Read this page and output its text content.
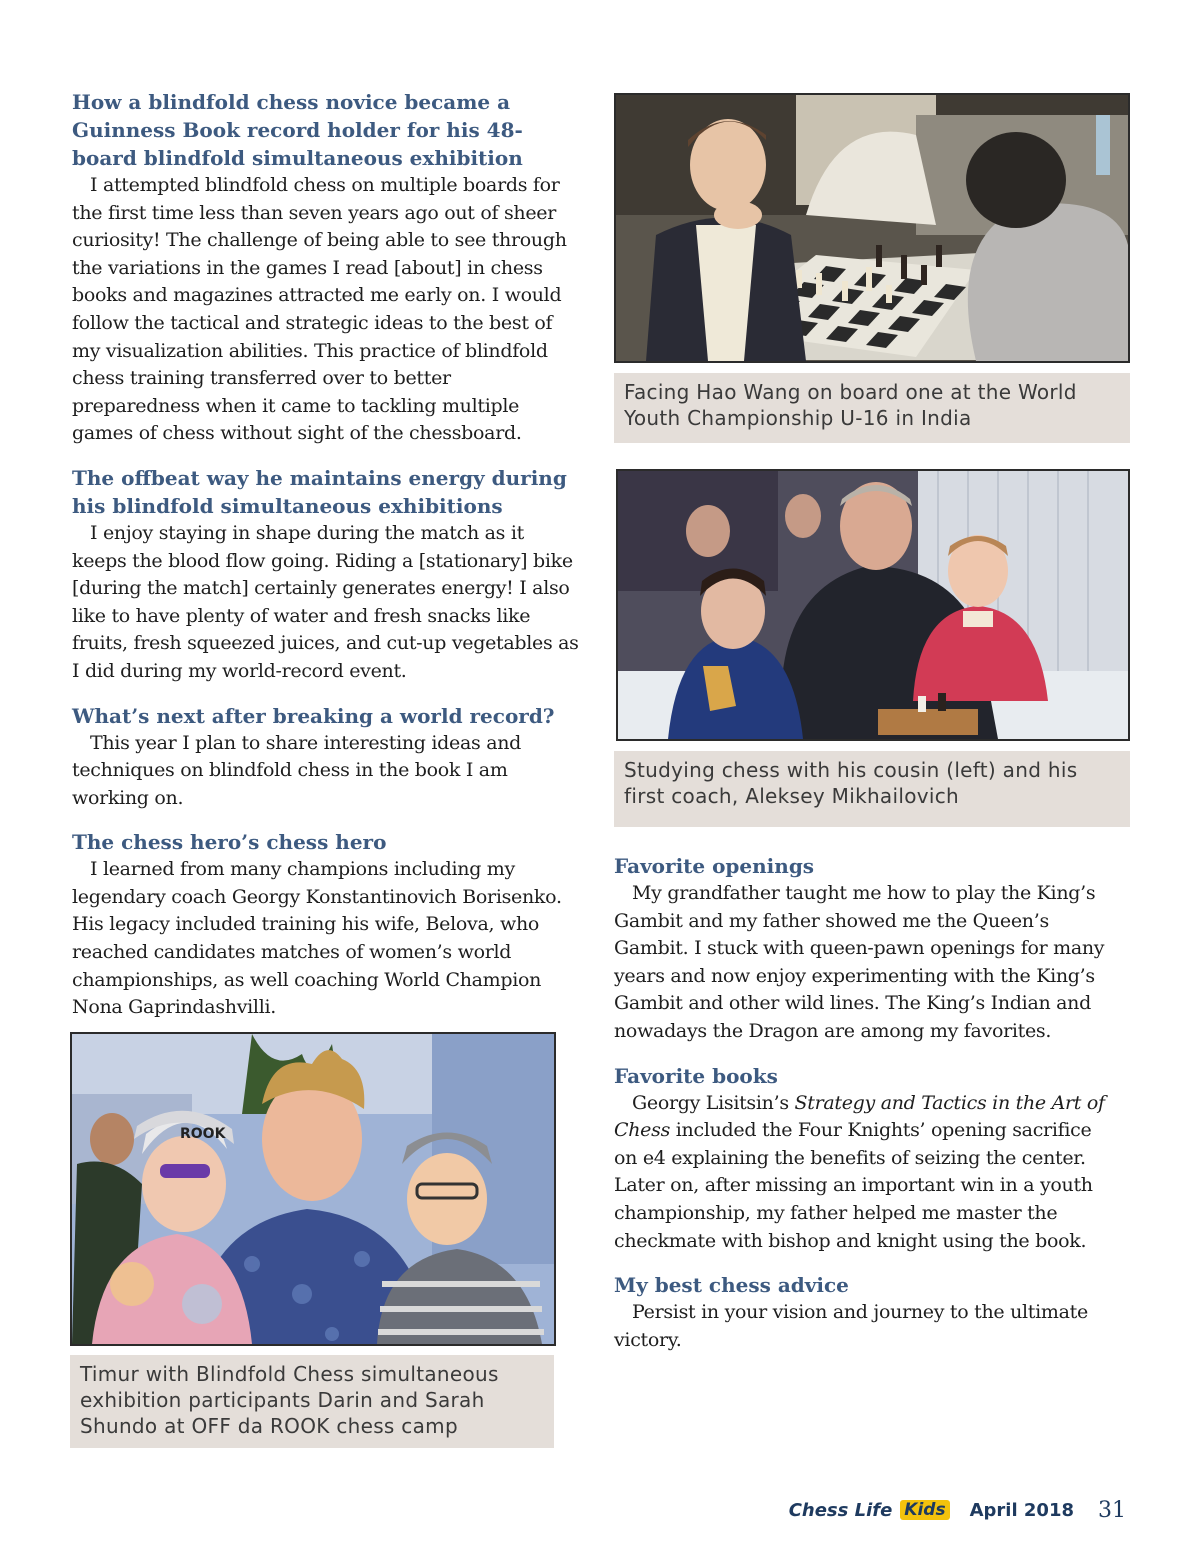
How a blindfold chess novice became a Guinness Book record holder for his 48-board blindfold simultaneous exhibition

I attempted blindfold chess on multiple boards for the first time less than seven years ago out of sheer curiosity! The challenge of being able to see through the variations in the games I read [about] in chess books and magazines attracted me early on. I would follow the tactical and strategic ideas to the best of my visualization abilities. This practice of blindfold chess training transferred over to better preparedness when it came to tackling multiple games of chess without sight of the chessboard.

The offbeat way he maintains energy during his blindfold simultaneous exhibitions

I enjoy staying in shape during the match as it keeps the blood flow going. Riding a [stationary] bike [during the match] certainly generates energy! I also like to have plenty of water and fresh snacks like fruits, fresh squeezed juices, and cut-up vegetables as I did during my world-record event.

What’s next after breaking a world record?

This year I plan to share interesting ideas and techniques on blindfold chess in the book I am working on.

The chess hero’s chess hero

I learned from many champions including my legendary coach Georgy Konstantinovich Borisenko. His legacy included training his wife, Belova, who reached candidates matches of women’s world championships, as well coaching World Champion Nona Gaprindashvilli.

Facing Hao Wang on board one at the World Youth Championship U-16 in India
Studying chess with his cousin (left) and his first coach, Aleksey Mikhailovich
ROOK
Timur with Blindfold Chess simultaneous exhibition participants Darin and Sarah Shundo at OFF da ROOK chess camp
Favorite openings

My grandfather taught me how to play the King’s Gambit and my father showed me the Queen’s Gambit. I stuck with queen-pawn openings for many years and now enjoy experimenting with the King’s Gambit and other wild lines. The King’s Indian and nowadays the Dragon are among my favorites.

Favorite books

Georgy Lisitsin’s Strategy and Tactics in the Art of Chess included the Four Knights’ opening sacrifice on e4 explaining the benefits of seizing the center. Later on, after missing an important win in a youth championship, my father helped me master the checkmate with bishop and knight using the book.

My best chess advice

Persist in your vision and journey to the ultimate victory.

Chess Life Kids April 2018 31
